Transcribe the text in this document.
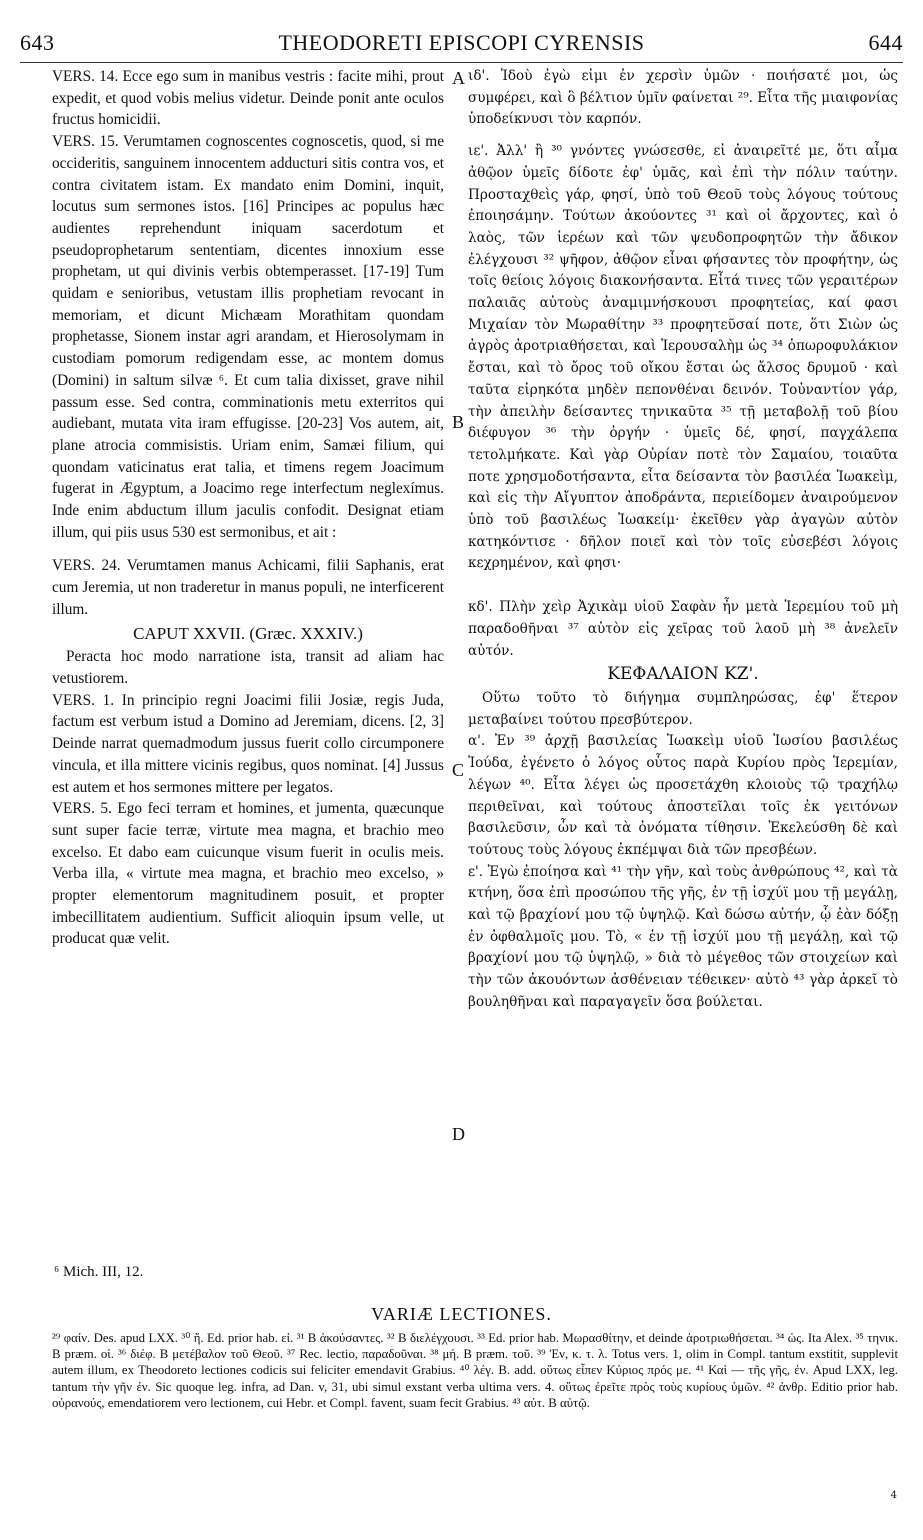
643	THEODORETI EPISCOPI CYRENSIS	644

VERS. 14. Ecce ego sum in manibus vestris : facite mihi, prout expedit, et quod vobis melius videtur. Deinde ponit ante oculos fructus homicidii.

VERS. 15. Verumtamen cognoscentes cognoscetis, quod, si me occideritis, sanguinem innocentem adducturi sitis contra vos, et contra civitatem istam. Ex mandato enim Domini, inquit, locutus sum sermones istos. [16] Principes ac populus hæc audientes reprehendunt iniquam sacerdotum et pseudoprophetarum sententiam, dicentes innoxium esse prophetam, ut qui divinis verbis obtemperasset. [17-19] Tum quidam e senioribus, vetustam illis prophetiam revocant in memoriam, et dicunt Michæam Morathitam quondam prophetasse, Sionem instar agri arandam, et Hierosolymam in custodiam pomorum redigendam esse, ac montem domus (Domini) in saltum silvæ ⁶. Et cum talia dixisset, grave nihil passum esse. Sed contra, comminationis metu exterritos qui audiebant, mutata vita iram effugisse. [20-23] Vos autem, ait, plane atrocia commisistis. Uriam enim, Samæi filium, qui quondam vaticinatus erat talia, et timens regem Joacimum fugerat in Ægyptum, a Joacimo rege interfectum neglexímus. Inde enim abductum illum jaculis confodit. Designat etiam illum, qui piis usus 530 est sermonibus, et ait :

VERS. 24. Verumtamen manus Achicami, filii Saphanis, erat cum Jeremia, ut non traderetur in manus populi, ne interficerent illum.

CAPUT XXVII. (Græc. XXXIV.)

Peracta hoc modo narratione ista, transit ad aliam hac vetustiorem.

VERS. 1. In principio regni Joacimi filii Josiæ, regis Juda, factum est verbum istud a Domino ad Jeremiam, dicens. [2, 3] Deinde narrat quemadmodum jussus fuerit collo circumponere vincula, et illa mittere vicinis regibus, quos nominat. [4] Jussus est autem et hos sermones mittere per legatos.

VERS. 5. Ego feci terram et homines, et jumenta, quæcunque sunt super facie terræ, virtute mea magna, et brachio meo excelso. Et dabo eam cuicunque visum fuerit in oculis meis. Verba illa, « virtute mea magna, et brachio meo excelso, » propter elementorum magnitudinem posuit, et propter imbecillitatem audientium. Sufficit alioquin ipsum velle, ut producat quæ velit.

ιδ'. Ἰδοὺ ἐγὼ εἰμι ἐν χερσὶν ὑμῶν · ποιήσατέ μοι, ὡς συμφέρει, καὶ ὃ βέλτιον ὑμῖν φαίνεται ²⁹. Εἶτα τῆς μιαιφονίας ὑποδείκνυσι τὸν καρπόν.

ιε'. Ἀλλ' ἢ ³⁰ γνόντες γνώσεσθε, εἰ ἀναιρεῖτέ με, ὅτι αἷμα ἀθῷον ὑμεῖς δίδοτε ἐφ' ὑμᾶς, καὶ ἐπὶ τὴν πόλιν ταύτην. Προσταχθεὶς γάρ, φησί, ὑπὸ τοῦ Θεοῦ τοὺς λόγους τούτους ἐποιησάμην. Τούτων ἀκούοντες ³¹ καὶ οἱ ἄρχοντες, καὶ ὁ λαὸς, τῶν ἱερέων καὶ τῶν ψευδοπροφητῶν τὴν ἄδικον ἐλέγχουσι ³² ψῆφον, ἀθῷον εἶναι φήσαντες τὸν προφήτην, ὡς τοῖς θείοις λόγοις διακονήσαντα. Εἶτά τινες τῶν γεραιτέρων παλαιᾶς αὐτοὺς ἀναμιμνήσκουσι προφητείας, καί φασι Μιχαίαν τὸν Μωραθίτην ³³ προφητεῦσαί ποτε, ὅτι Σιὼν ὡς ἀγρὸς ἀροτριαθήσεται, καὶ Ἱερουσαλὴμ ὡς ³⁴ ὀπωροφυλάκιον ἔσται, καὶ τὸ ὄρος τοῦ οἴκου ἔσται ὡς ἄλσος δρυμοῦ · καὶ ταῦτα εἰρηκότα μηδὲν πεπονθέναι δεινόν. Τοὐναντίον γάρ, τὴν ἀπειλὴν δείσαντες τηνικαῦτα ³⁵ τῇ μεταβολῇ τοῦ βίου διέφυγον ³⁶ τὴν ὀργήν · ὑμεῖς δέ, φησί, παγχάλεπα τετολμήκατε. Καὶ γὰρ Οὐρίαν ποτὲ τὸν Σαμαίου, τοιαῦτα ποτε χρησμοδοτήσαντα, εἶτα δείσαντα τὸν βασιλέα Ἰωακεὶμ, καὶ εἰς τὴν Αἴγυπτον ἀποδράντα, περιείδομεν ἀναιρούμενον ὑπὸ τοῦ βασιλέως Ἰωακείμ· ἐκεῖθεν γὰρ ἀγαγὼν αὐτὸν κατηκόντισε · δῆλον ποιεῖ καὶ τὸν τοῖς εὐσεβέσι λόγοις κεχρημένον, καὶ φησι·

κδ'. Πλὴν χεὶρ Ἀχικὰμ υἱοῦ Σαφὰν ἦν μετὰ Ἱερεμίου τοῦ μὴ παραδοθῆναι ³⁷ αὐτὸν εἰς χεῖρας τοῦ λαοῦ μὴ ³⁸ ἀνελεῖν αὐτόν.

ΚΕΦΑΛΑΙΟΝ ΚΖ'.

Οὕτω τοῦτο τὸ διήγημα συμπληρώσας, ἐφ' ἕτερον μεταβαίνει τούτου πρεσβύτερον.

α'. Ἐν ³⁹ ἀρχῇ βασιλείας Ἰωακεὶμ υἱοῦ Ἰωσίου βασιλέως Ἰούδα, ἐγένετο ὁ λόγος οὗτος παρὰ Κυρίου πρὸς Ἱερεμίαν, λέγων ⁴⁰. Εἶτα λέγει ὡς προσετάχθη κλοιοὺς τῷ τραχήλῳ περιθεῖναι, καὶ τούτους ἀποστεῖλαι τοῖς ἐκ γειτόνων βασιλεῦσιν, ὧν καὶ τὰ ὀνόματα τίθησιν. Ἐκελεύσθη δὲ καὶ τούτους τοὺς λόγους ἐκπέμψαι διὰ τῶν πρεσβέων.

ε'. Ἐγὼ ἐποίησα καὶ ⁴¹ τὴν γῆν, καὶ τοὺς ἀνθρώπους ⁴², καὶ τὰ κτήνη, ὅσα ἐπὶ προσώπου τῆς γῆς, ἐν τῇ ἰσχύϊ μου τῇ μεγάλῃ, καὶ τῷ βραχίονί μου τῷ ὑψηλῷ. Καὶ δώσω αὐτήν, ᾧ ἐὰν δόξῃ ἐν ὀφθαλμοῖς μου. Τὸ, « ἐν τῇ ἰσχύϊ μου τῇ μεγάλῃ, καὶ τῷ βραχίονί μου τῷ ὑψηλῷ, » διὰ τὸ μέγεθος τῶν στοιχείων καὶ τὴν τῶν ἀκουόντων ἀσθένειαν τέθεικεν· αὐτὸ ⁴³ γὰρ ἀρκεῖ τὸ βουληθῆναι καὶ παραγαγεῖν ὅσα βούλεται.

A
B
C
D
⁶ Mich. III, 12.
VARIÆ LECTIONES.
²⁹ φαίν. Des. apud LXX. ³⁰ ἤ. Ed. prior hab. εἰ. ³¹ B ἀκούσαντες. ³² B διελέγχουσι. ³³ Ed. prior hab. Μωρασθίτην, et deinde ἀροτριωθήσεται. ³⁴ ὡς. Ita Alex. ³⁵ τηνικ. B præm. οἱ. ³⁶ διέφ. B μετέβαλον τοῦ Θεοῦ. ³⁷ Rec. lectio, παραδοῦναι. ³⁸ μή. B præm. τοῦ. ³⁹ Ἐν, κ. τ. λ. Totus vers. 1, olim in Compl. tantum exstitit, supplevit autem illum, ex Theodoreto lectiones codicis sui feliciter emendavit Grabius. ⁴⁰ λέγ. B. add. οὕτως εἶπεν Κύριος πρός με. ⁴¹ Καὶ — τῆς γῆς, ἐν. Apud LXX, leg. tantum τὴν γῆν ἐν. Sic quoque leg. infra, ad Dan. v, 31, ubi simul exstant verba ultima vers. 4. οὕτως ἐρεῖτε πρὸς τοὺς κυρίους ὑμῶν. ⁴² ἀνθρ. Editio prior hab. οὐρανούς, emendatiorem vero lectionem, cui Hebr. et Compl. favent, suam fecit Grabius. ⁴³ αὐτ. B αὐτῷ.
4
